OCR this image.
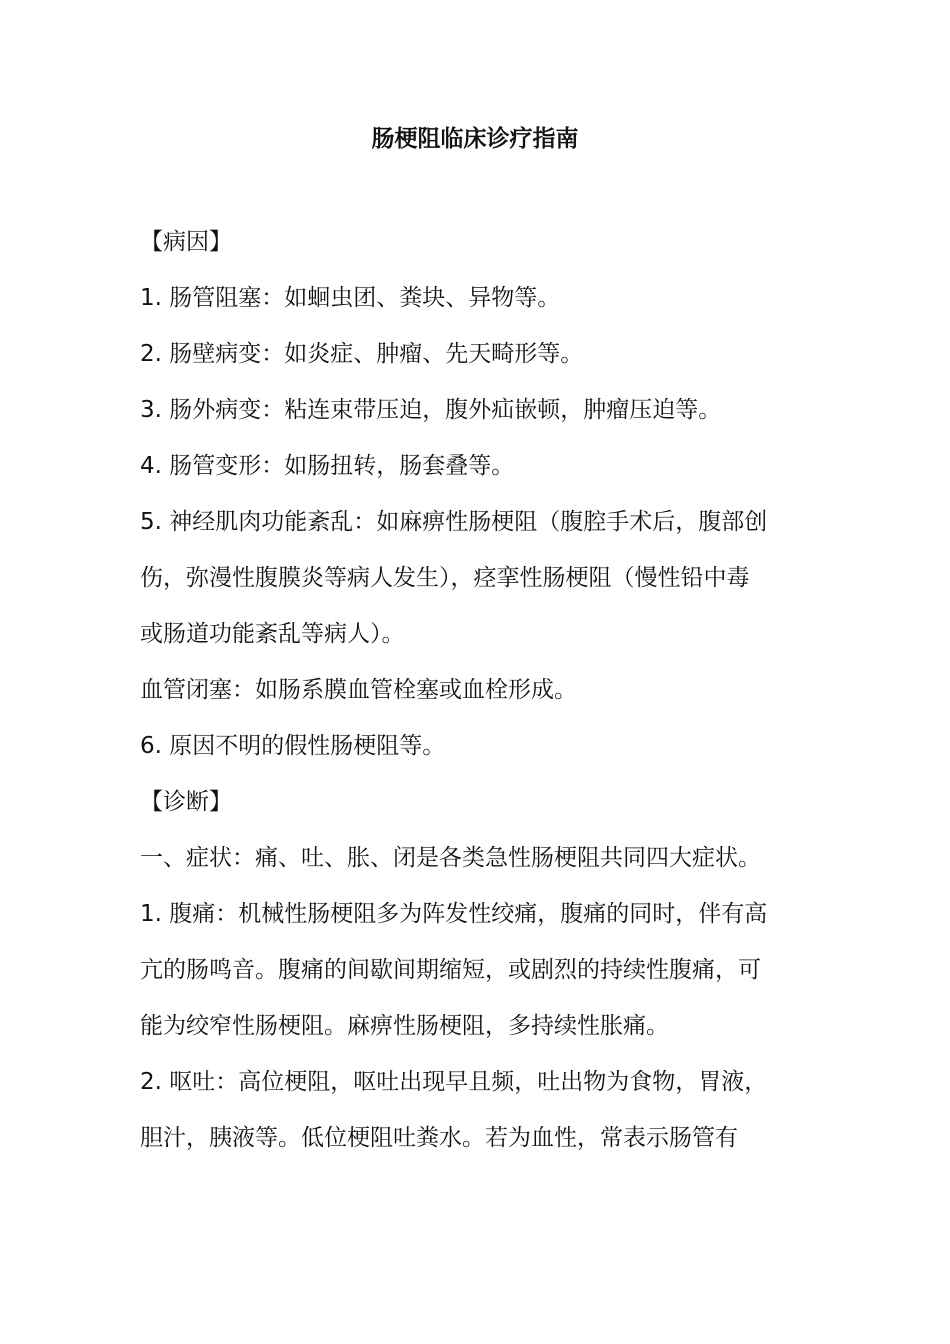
肠梗阻临床诊疗指南
【病因】
1. 肠管阻塞：如蛔虫团、粪块、异物等。
2. 肠壁病变：如炎症、肿瘤、先天畸形等。
3. 肠外病变：粘连束带压迫，腹外疝嵌顿，肿瘤压迫等。
4. 肠管变形：如肠扭转，肠套叠等。
5. 神经肌肉功能紊乱：如麻痹性肠梗阻（腹腔手术后，腹部创
伤，弥漫性腹膜炎等病人发生），痉挛性肠梗阻（慢性铅中毒
或肠道功能紊乱等病人）。
血管闭塞：如肠系膜血管栓塞或血栓形成。
6. 原因不明的假性肠梗阻等。
【诊断】
一、症状：痛、吐、胀、闭是各类急性肠梗阻共同四大症状。
1. 腹痛：机械性肠梗阻多为阵发性绞痛，腹痛的同时，伴有高
亢的肠鸣音。腹痛的间歇间期缩短，或剧烈的持续性腹痛，可
能为绞窄性肠梗阻。麻痹性肠梗阻，多持续性胀痛。
2. 呕吐：高位梗阻，呕吐出现早且频，吐出物为食物，胃液，
胆汁，胰液等。低位梗阻吐粪水。若为血性，常表示肠管有
